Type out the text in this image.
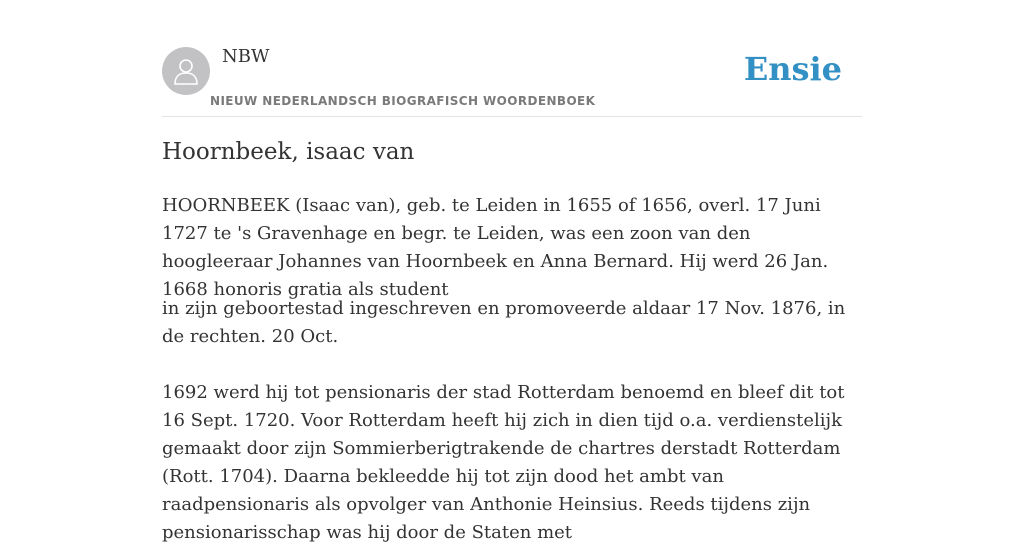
NBW
NIEUW NEDERLANDSCH BIOGRAFISCH WOORDENBOEK
Ensie
Hoornbeek, isaac van

HOORNBEEK (Isaac van), geb. te Leiden in 1655 of 1656, overl. 17 Juni 1727 te 's Gravenhage en begr. te Leiden, was een zoon van den hoogleeraar Johannes van Hoornbeek en Anna Bernard. Hij werd 26 Jan. 1668 honoris gratia als student

in zijn geboortestad ingeschreven en promoveerde aldaar 17 Nov. 1876, in de rechten. 20 Oct.

1692 werd hij tot pensionaris der stad Rotterdam benoemd en bleef dit tot 16 Sept. 1720. Voor Rotterdam heeft hij zich in dien tijd o.a. verdienstelijk gemaakt door zijn Sommierberigtrakende de chartres derstadt Rotterdam (Rott. 1704). Daarna bekleedde hij tot zijn dood het ambt van raadpensionaris als opvolger van Anthonie Heinsius. Reeds tijdens zijn pensionarisschap was hij door de Staten met
